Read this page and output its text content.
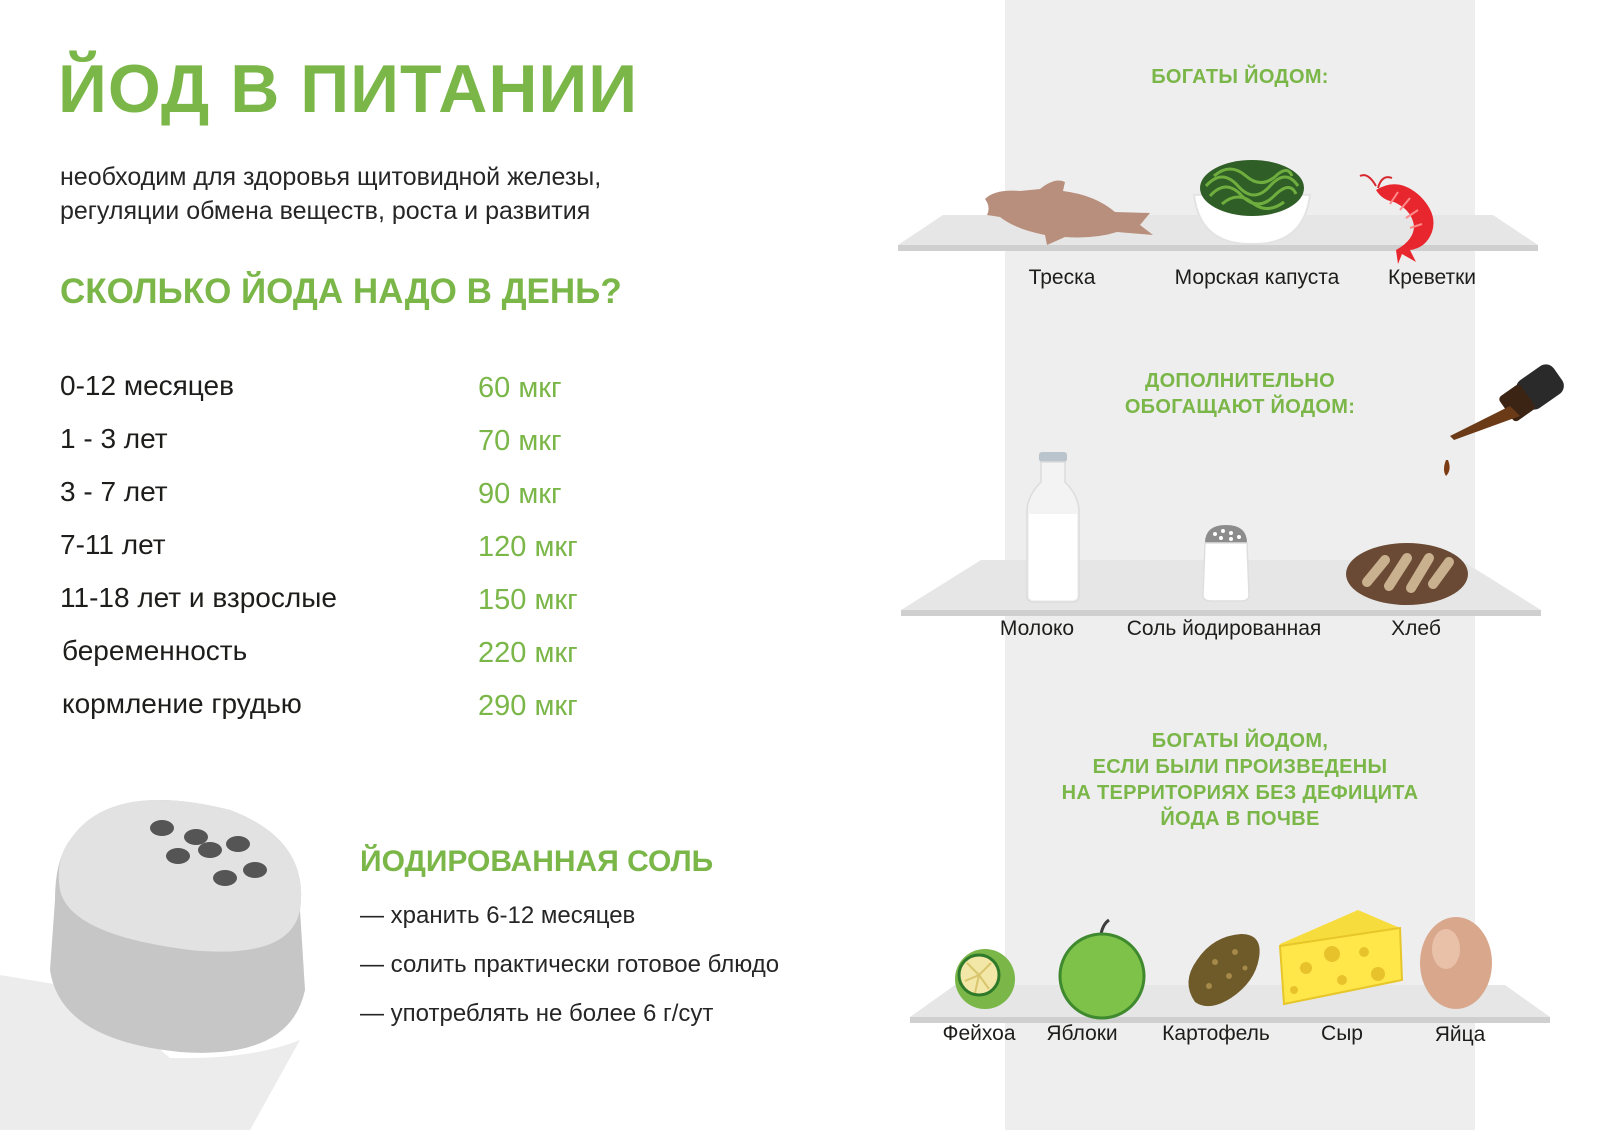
ЙОД В ПИТАНИИ
необходим для здоровья щитовидной железы,
регуляции обмена веществ, роста и развития
СКОЛЬКО ЙОДА НАДО В ДЕНЬ?
0-12 месяцев	60 мкг
1 - 3 лет	70 мкг
3 - 7 лет	90 мкг
7-11 лет	120 мкг
11-18 лет и взрослые	150 мкг
беременность	220 мкг
кормление грудью	290 мкг
ЙОДИРОВАННАЯ СОЛЬ
— хранить 6-12 месяцев
— солить практически готовое блюдо
— употреблять не более 6 г/сут
БОГАТЫ ЙОДОМ:
Треска	Морская капуста Креветки
ДОПОЛНИТЕЛЬНО
ОБОГАЩАЮТ ЙОДОМ:
Молоко	Соль йодированная	Хлеб
БОГАТЫ ЙОДОМ,
ЕСЛИ БЫЛИ ПРОИЗВЕДЕНЫ
НА ТЕРРИТОРИЯХ БЕЗ ДЕФИЦИТА
ЙОДА В ПОЧВЕ
Фейхоа Яблоки Картофель Сыр	Яйца
